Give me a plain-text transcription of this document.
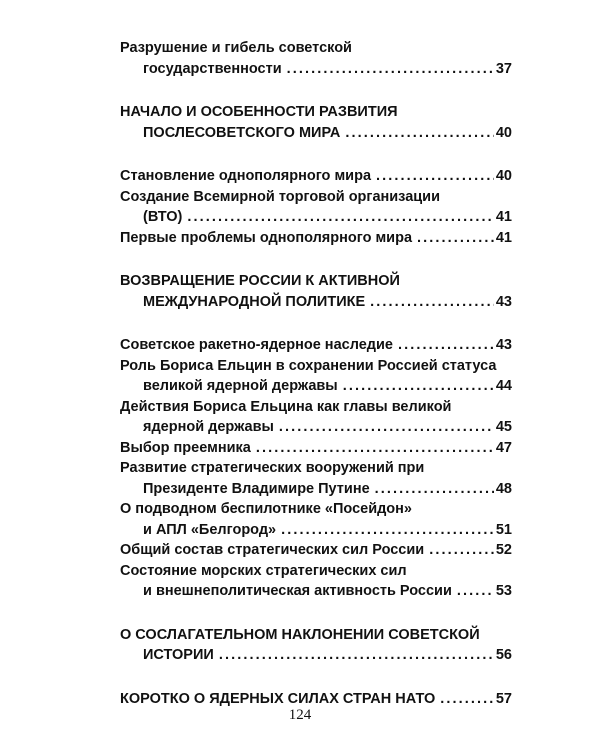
Разрушение и гибель советской
государственности .....	37
НАЧАЛО И ОСОБЕННОСТИ РАЗВИТИЯ
ПОСЛЕСОВЕТСКОГО МИРА .....	40
Становление однополярного мира .....	40
Создание Всемирной торговой организации
(ВТО) .....	41
Первые проблемы однополярного мира .....	41
ВОЗВРАЩЕНИЕ РОССИИ К АКТИВНОЙ
МЕЖДУНАРОДНОЙ ПОЛИТИКЕ .....	43
Советское ракетно-ядерное наследие .....	43
Роль Бориса Ельцин в сохранении Россией статуса
великой ядерной державы .....	44
Действия Бориса Ельцина как главы великой
ядерной державы .....	45
Выбор преемника .....	47
Развитие стратегических вооружений при
Президенте Владимире Путине .....	48
О подводном беспилотнике «Посейдон»
и АПЛ «Белгород» .....	51
Общий состав стратегических сил России .....	52
Состояние морских стратегических сил
и внешнеполитическая активность России .....	53
О СОСЛАГАТЕЛЬНОМ НАКЛОНЕНИИ СОВЕТСКОЙ
ИСТОРИИ .....	56
КОРОТКО О ЯДЕРНЫХ СИЛАХ СТРАН НАТО .....	57
124
